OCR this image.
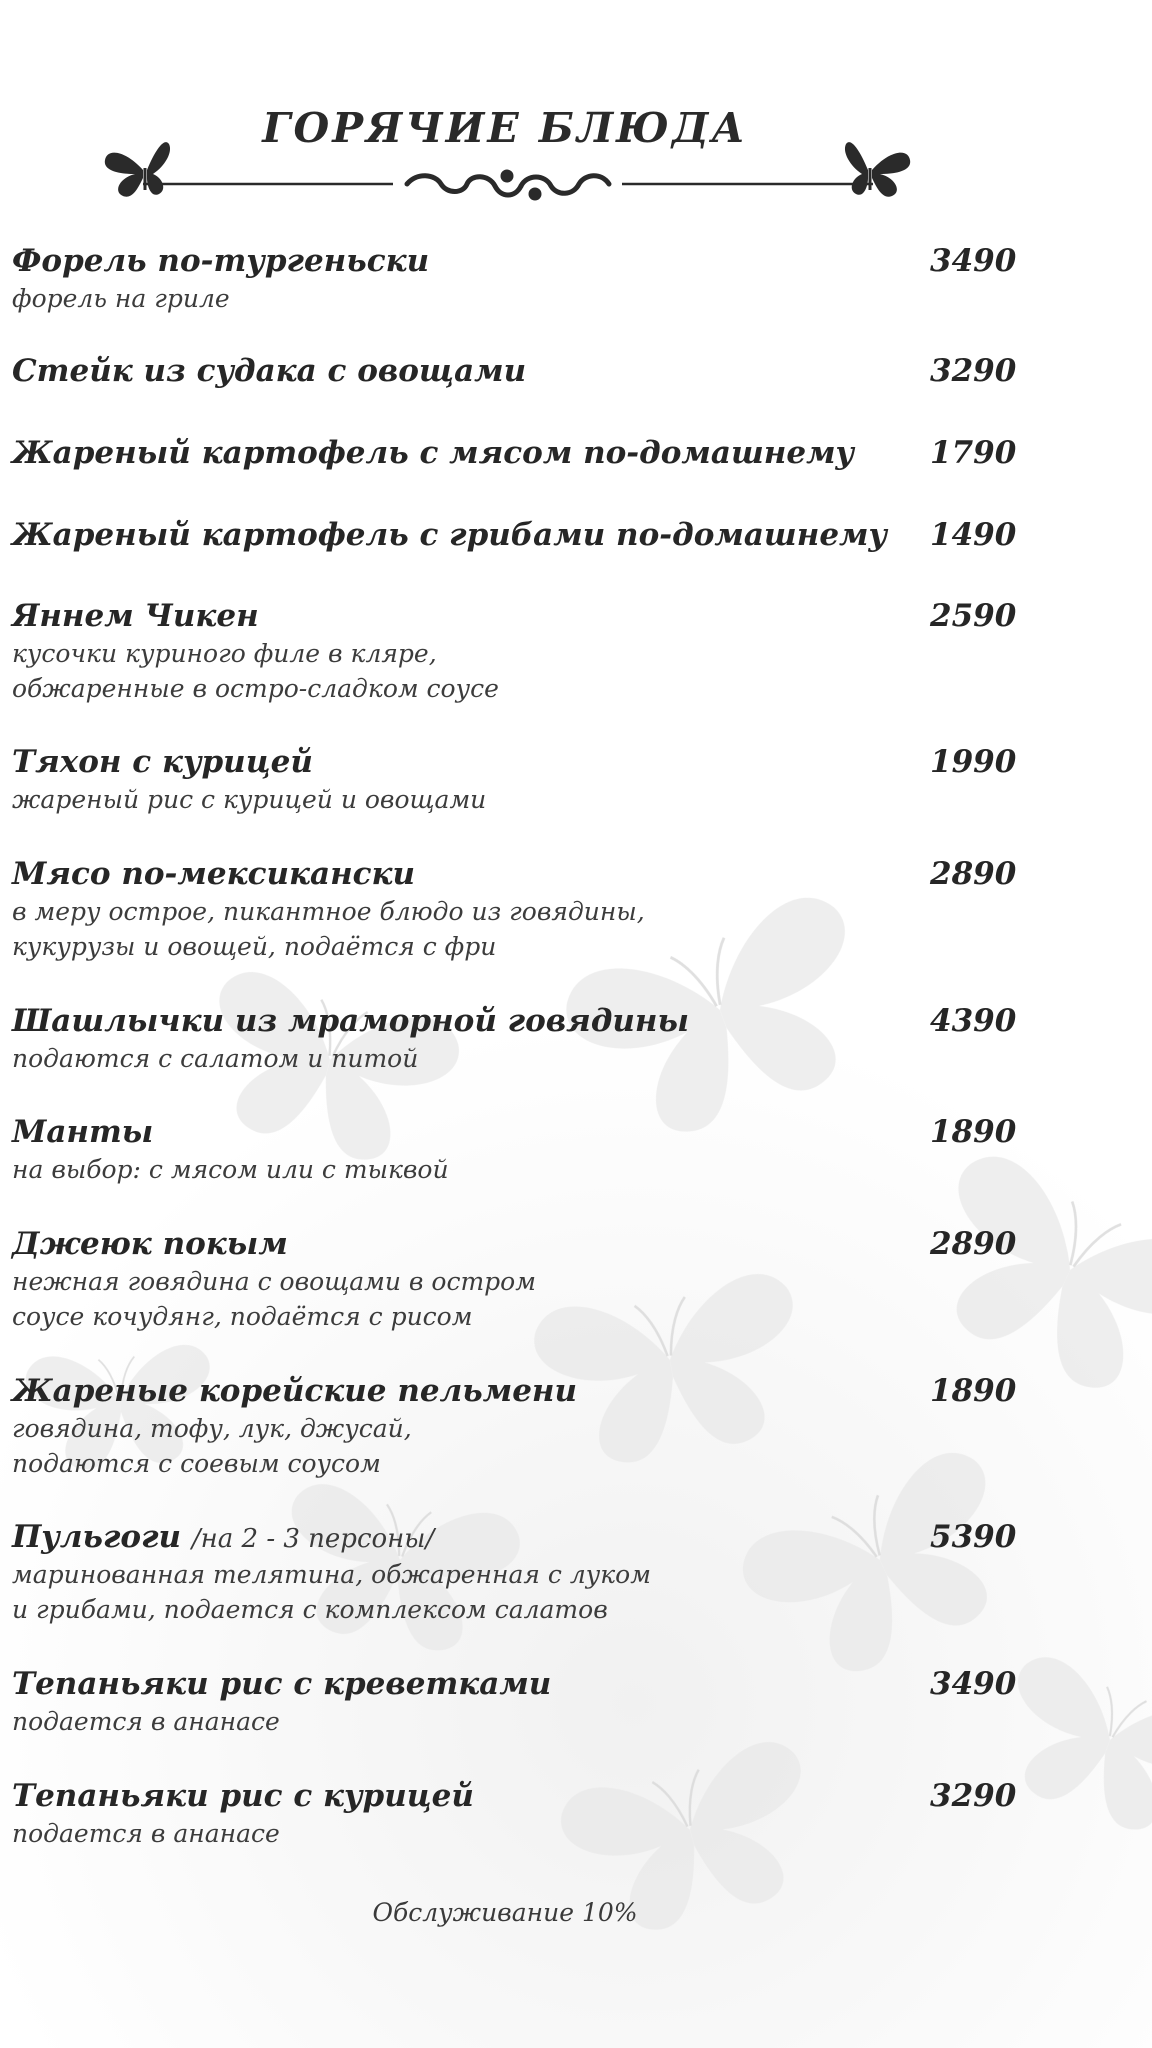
ГОРЯЧИЕ БЛЮДА
Форель по-тургеньски	3490
форель на гриле
Стейк из судака с овощами	3290
Жареный картофель с мясом по-домашнему 1790
Жареный картофель с грибами по-домашнему 1490
Яннем Чикен	2590
кусочки куриного филе в кляре,
обжаренные в остро-сладком соусе
Тяхон с курицей	1990
жареный рис с курицей и овощами
Мясо по-мексикански	2890
в меру острое, пикантное блюдо из говядины,
кукурузы и овощей, подаётся с фри
Шашлычки из мраморной говядины	4390
подаются с салатом и питой
Манты	1890
на выбор: с мясом или с тыквой
Джеюк покым	2890
нежная говядина с овощами в остром
соусе кочудянг, подаётся с рисом
Жареные корейские пельмени	1890
говядина, тофу, лук, джусай,
подаются с соевым соусом
Пульгоги /на 2 - 3 персоны/	5390
маринованная телятина, обжаренная с луком
и грибами, подается с комплексом салатов
Тепаньяки рис с креветками	3490
подается в ананасе
Тепаньяки рис с курицей	3290
подается в ананасе
Обслуживание 10%
